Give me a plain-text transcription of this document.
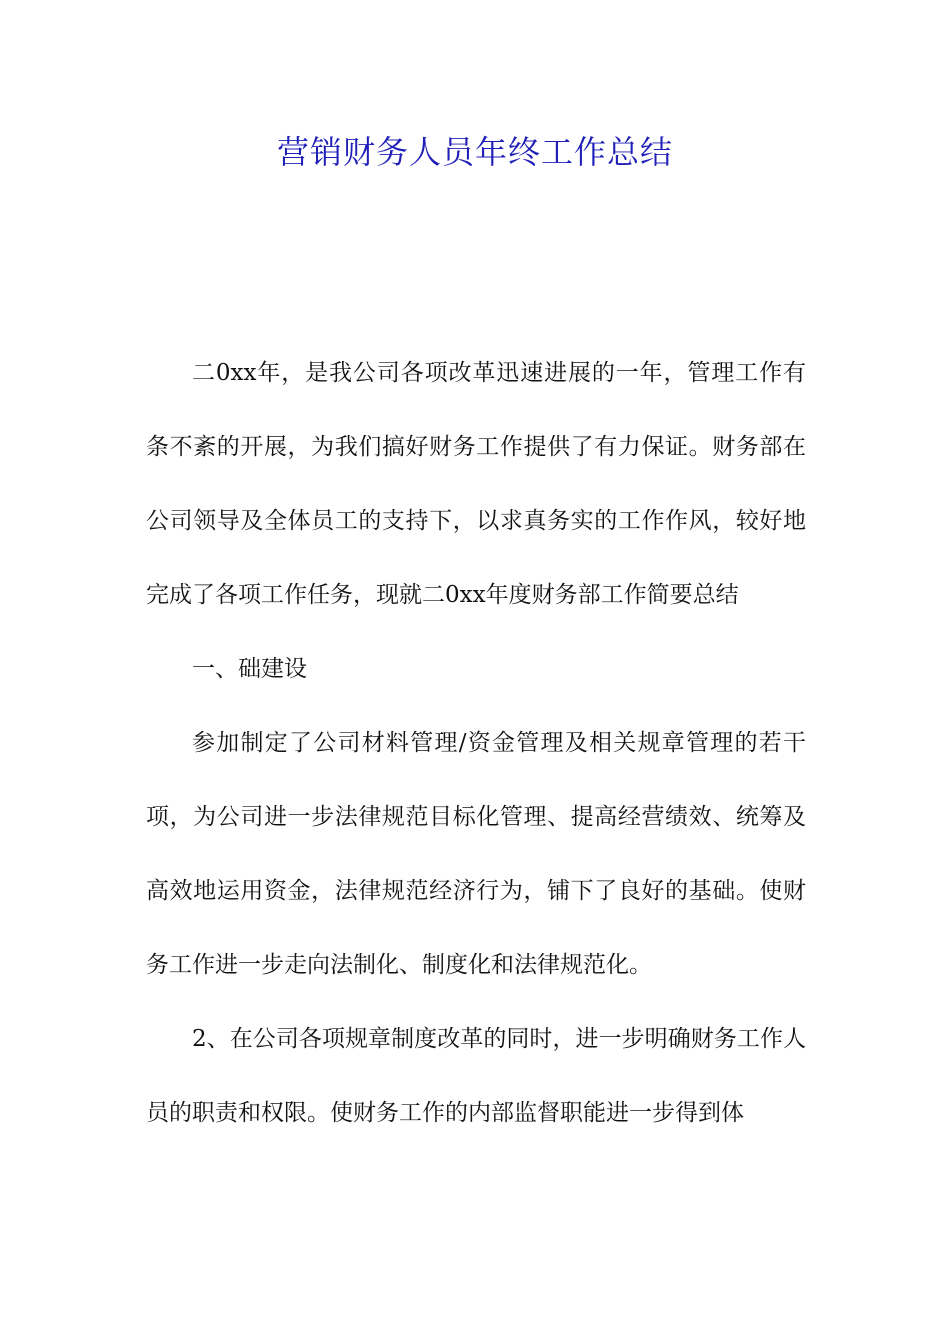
营销财务人员年终工作总结

二0xx年，是我公司各项改革迅速进展的一年，管理工作有条不紊的开展，为我们搞好财务工作提供了有力保证。财务部在公司领导及全体员工的支持下，以求真务实的工作作风，较好地完成了各项工作任务，现就二0xx年度财务部工作简要总结

一、础建设

参加制定了公司材料管理/资金管理及相关规章管理的若干项，为公司进一步法律规范目标化管理、提高经营绩效、统筹及高效地运用资金，法律规范经济行为，铺下了良好的基础。使财务工作进一步走向法制化、制度化和法律规范化。

2、在公司各项规章制度改革的同时，进一步明确财务工作人员的职责和权限。使财务工作的内部监督职能进一步得到体
